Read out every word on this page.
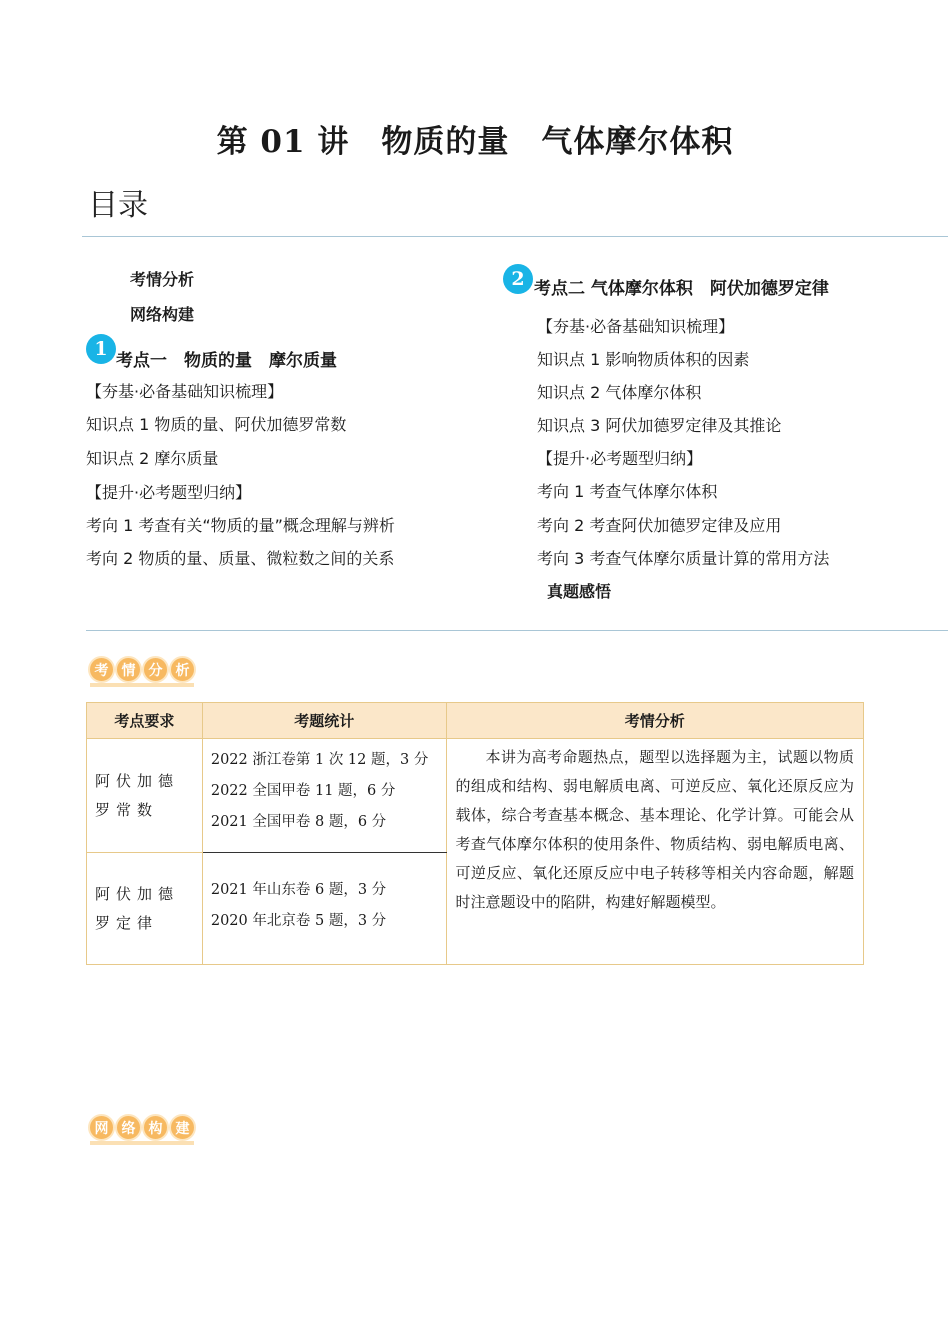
第 01 讲　物质的量　气体摩尔体积
目录
考情分析
网络构建
1
考点一　物质的量　摩尔质量
【夯基·必备基础知识梳理】
知识点 1 物质的量、阿伏加德罗常数
知识点 2 摩尔质量
【提升·必考题型归纳】
考向 1 考查有关“物质的量”概念理解与辨析
考向 2 物质的量、质量、微粒数之间的关系
2 考点二 气体摩尔体积　阿伏加德罗定律
【夯基·必备基础知识梳理】
知识点 1 影响物质体积的因素
知识点 2 气体摩尔体积
知识点 3 阿伏加德罗定律及其推论
【提升·必考题型归纳】
考向 1 考查气体摩尔体积
考向 2 考查阿伏加德罗定律及应用
考向 3 考查气体摩尔质量计算的常用方法
真题感悟
考 情 分 析
考点要求	考题统计	考情分析
阿伏加德罗常数	2022 浙江卷第 1 次 12 题，3 分
2022 全国甲卷 11 题，6 分
2021 全国甲卷 8 题，6 分	本讲为高考命题热点，题型以选择题为主，试题以物质的组成和结构、弱电解质电离、可逆反应、氧化还原反应为载体，综合考查基本概念、基本理论、化学计算。可能会从考查气体摩尔体积的使用条件、物质结构、弱电解质电离、可逆反应、氧化还原反应中电子转移等相关内容命题，解题时注意题设中的陷阱，构建好解题模型。
阿伏加德罗定律	2021 年山东卷 6 题，3 分
2020 年北京卷 5 题，3 分	
网 络 构 建
